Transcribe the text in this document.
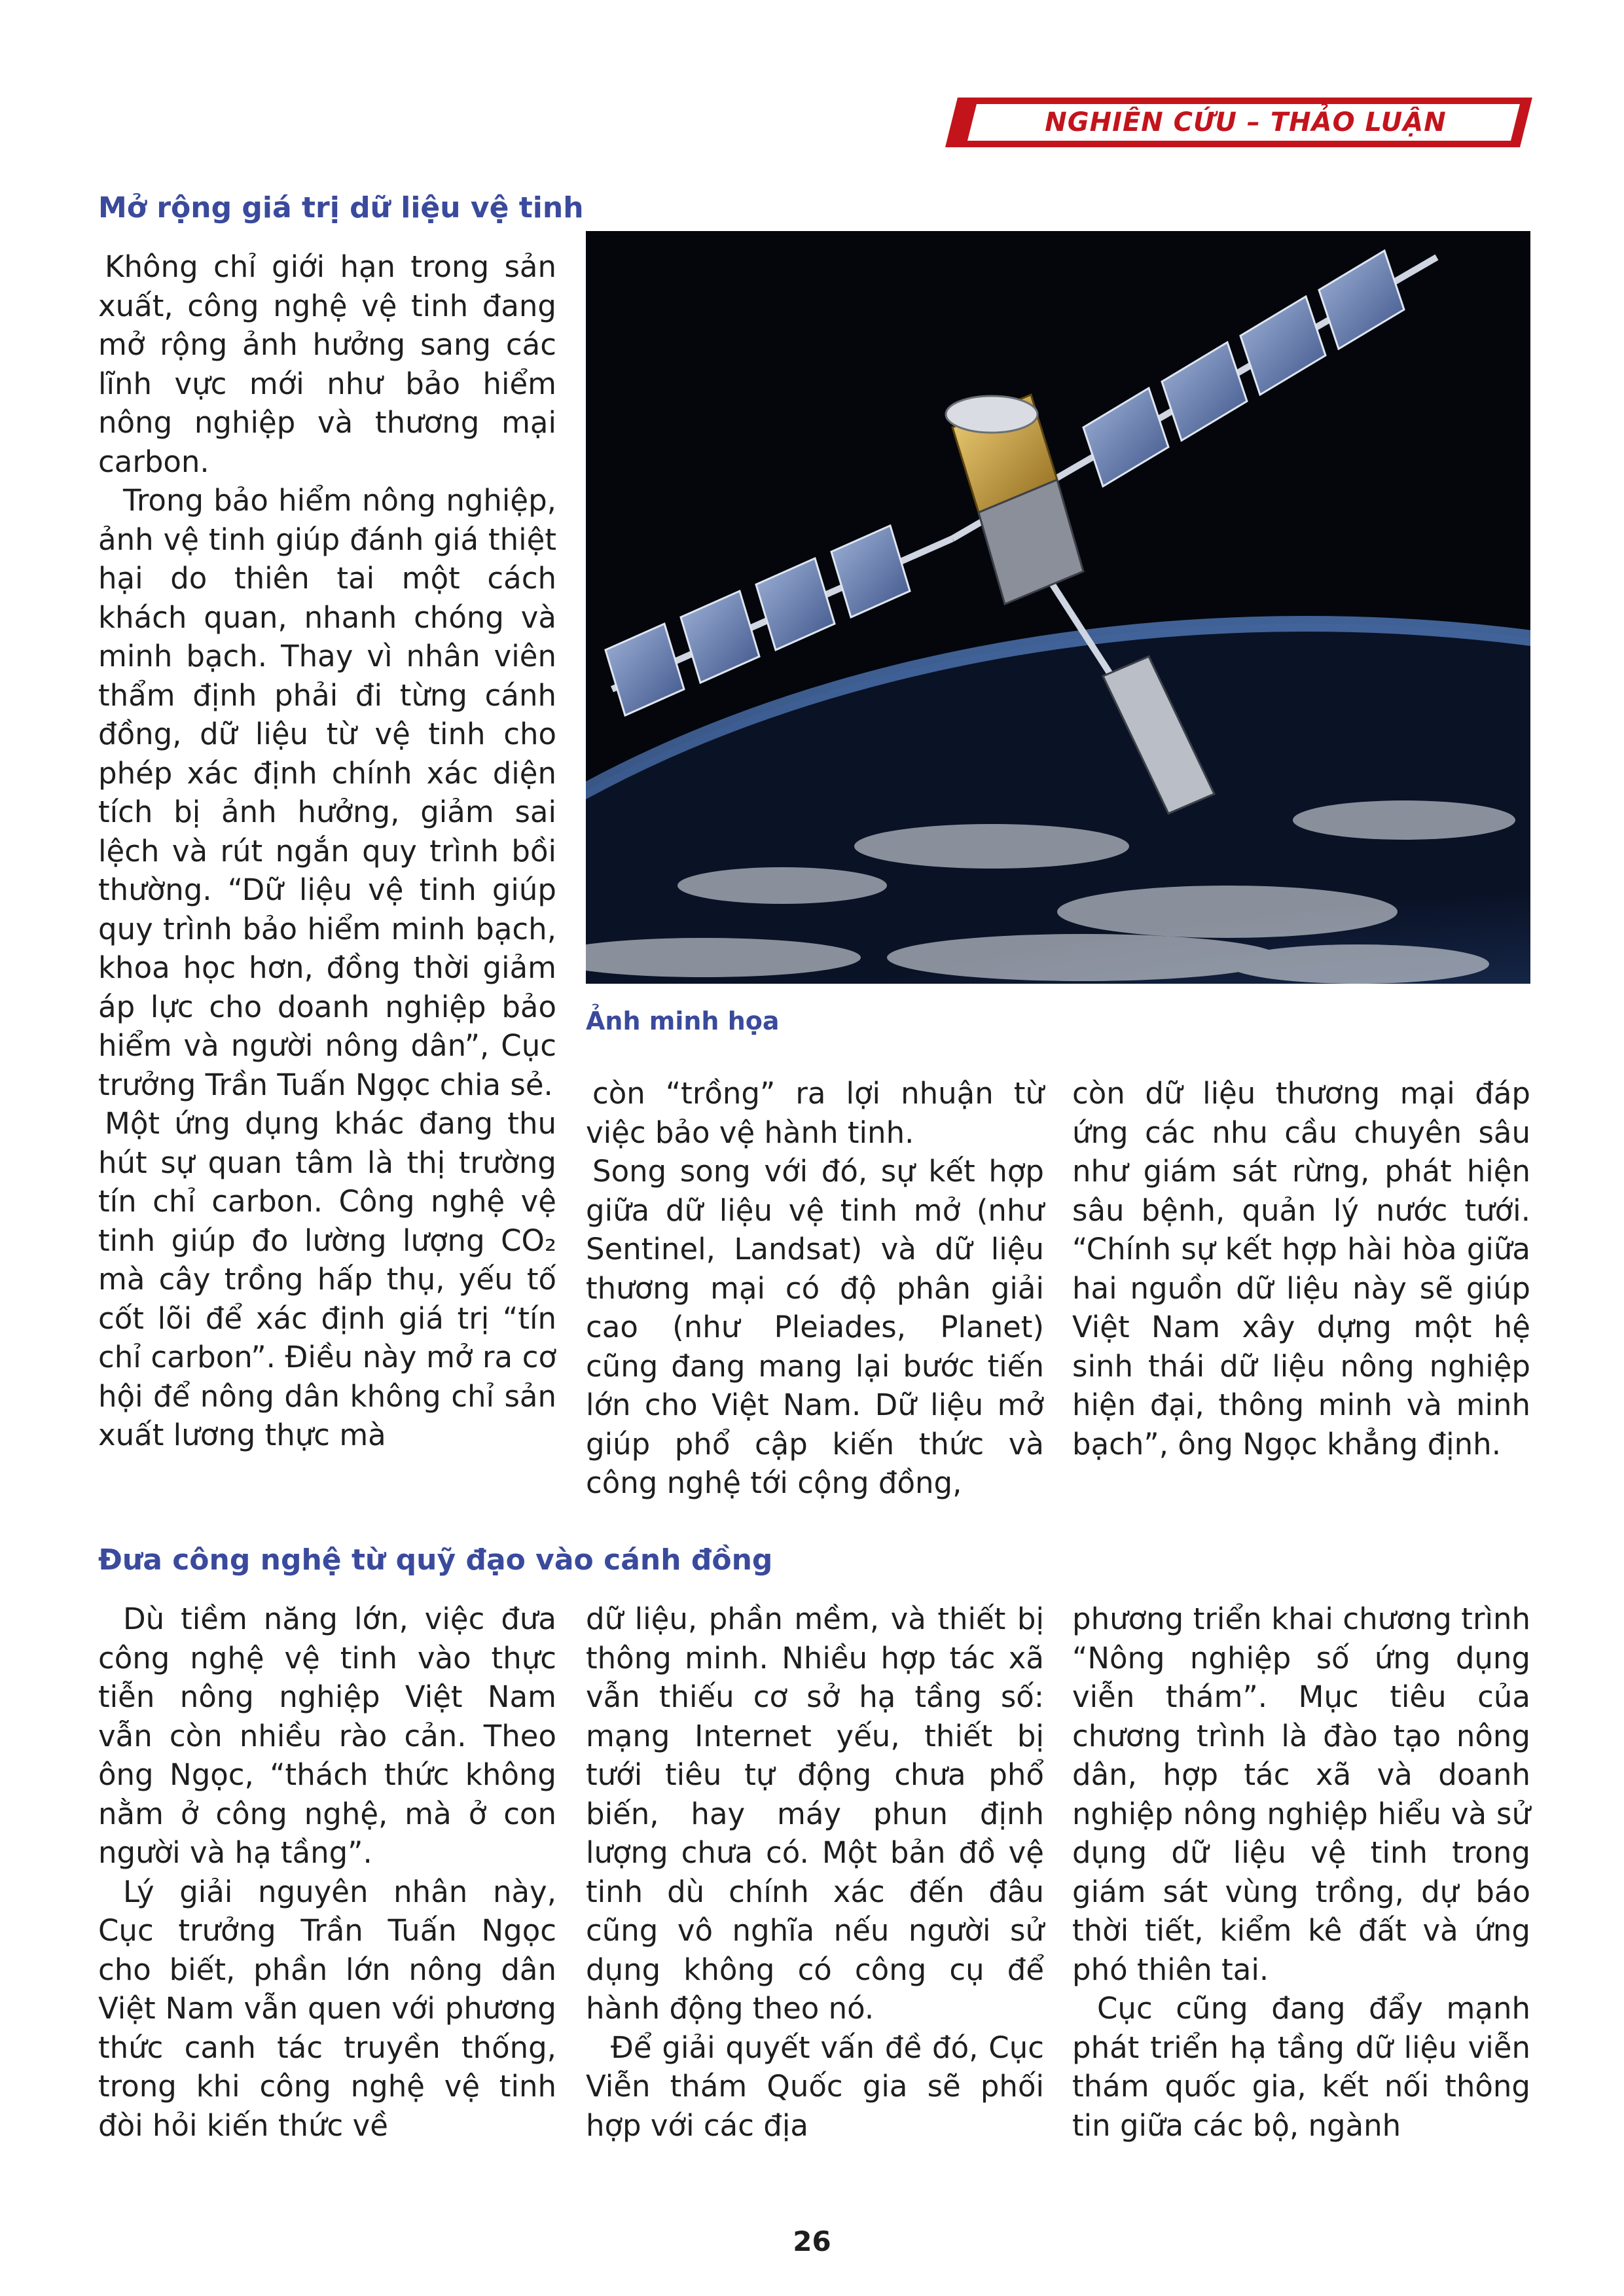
NGHIÊN CỨU – THẢO LUẬN
Mở rộng giá trị dữ liệu vệ tinh

Không chỉ giới hạn trong sản xuất, công nghệ vệ tinh đang mở rộng ảnh hưởng sang các lĩnh vực mới như bảo hiểm nông nghiệp và thương mại carbon.

Trong bảo hiểm nông nghiệp, ảnh vệ tinh giúp đánh giá thiệt hại do thiên tai một cách khách quan, nhanh chóng và minh bạch. Thay vì nhân viên thẩm định phải đi từng cánh đồng, dữ liệu từ vệ tinh cho phép xác định chính xác diện tích bị ảnh hưởng, giảm sai lệch và rút ngắn quy trình bồi thường. “Dữ liệu vệ tinh giúp quy trình bảo hiểm minh bạch, khoa học hơn, đồng thời giảm áp lực cho doanh nghiệp bảo hiểm và người nông dân”, Cục trưởng Trần Tuấn Ngọc chia sẻ.

Một ứng dụng khác đang thu hút sự quan tâm là thị trường tín chỉ carbon. Công nghệ vệ tinh giúp đo lường lượng CO₂ mà cây trồng hấp thụ, yếu tố cốt lõi để xác định giá trị “tín chỉ carbon”. Điều này mở ra cơ hội để nông dân không chỉ sản xuất lương thực mà

Ảnh minh họa

còn “trồng” ra lợi nhuận từ việc bảo vệ hành tinh.

Song song với đó, sự kết hợp giữa dữ liệu vệ tinh mở (như Sentinel, Landsat) và dữ liệu thương mại có độ phân giải cao (như Pleiades, Planet) cũng đang mang lại bước tiến lớn cho Việt Nam. Dữ liệu mở giúp phổ cập kiến thức và công nghệ tới cộng đồng,

còn dữ liệu thương mại đáp ứng các nhu cầu chuyên sâu như giám sát rừng, phát hiện sâu bệnh, quản lý nước tưới. “Chính sự kết hợp hài hòa giữa hai nguồn dữ liệu này sẽ giúp Việt Nam xây dựng một hệ sinh thái dữ liệu nông nghiệp hiện đại, thông minh và minh bạch”, ông Ngọc khẳng định.

Đưa công nghệ từ quỹ đạo vào cánh đồng

Dù tiềm năng lớn, việc đưa công nghệ vệ tinh vào thực tiễn nông nghiệp Việt Nam vẫn còn nhiều rào cản. Theo ông Ngọc, “thách thức không nằm ở công nghệ, mà ở con người và hạ tầng”.

Lý giải nguyên nhân này, Cục trưởng Trần Tuấn Ngọc cho biết, phần lớn nông dân Việt Nam vẫn quen với phương thức canh tác truyền thống, trong khi công nghệ vệ tinh đòi hỏi kiến thức về

dữ liệu, phần mềm, và thiết bị thông minh. Nhiều hợp tác xã vẫn thiếu cơ sở hạ tầng số: mạng Internet yếu, thiết bị tưới tiêu tự động chưa phổ biến, hay máy phun định lượng chưa có. Một bản đồ vệ tinh dù chính xác đến đâu cũng vô nghĩa nếu người sử dụng không có công cụ để hành động theo nó.

Để giải quyết vấn đề đó, Cục Viễn thám Quốc gia sẽ phối hợp với các địa

phương triển khai chương trình “Nông nghiệp số ứng dụng viễn thám”. Mục tiêu của chương trình là đào tạo nông dân, hợp tác xã và doanh nghiệp nông nghiệp hiểu và sử dụng dữ liệu vệ tinh trong giám sát vùng trồng, dự báo thời tiết, kiểm kê đất và ứng phó thiên tai.

Cục cũng đang đẩy mạnh phát triển hạ tầng dữ liệu viễn thám quốc gia, kết nối thông tin giữa các bộ, ngành

26
